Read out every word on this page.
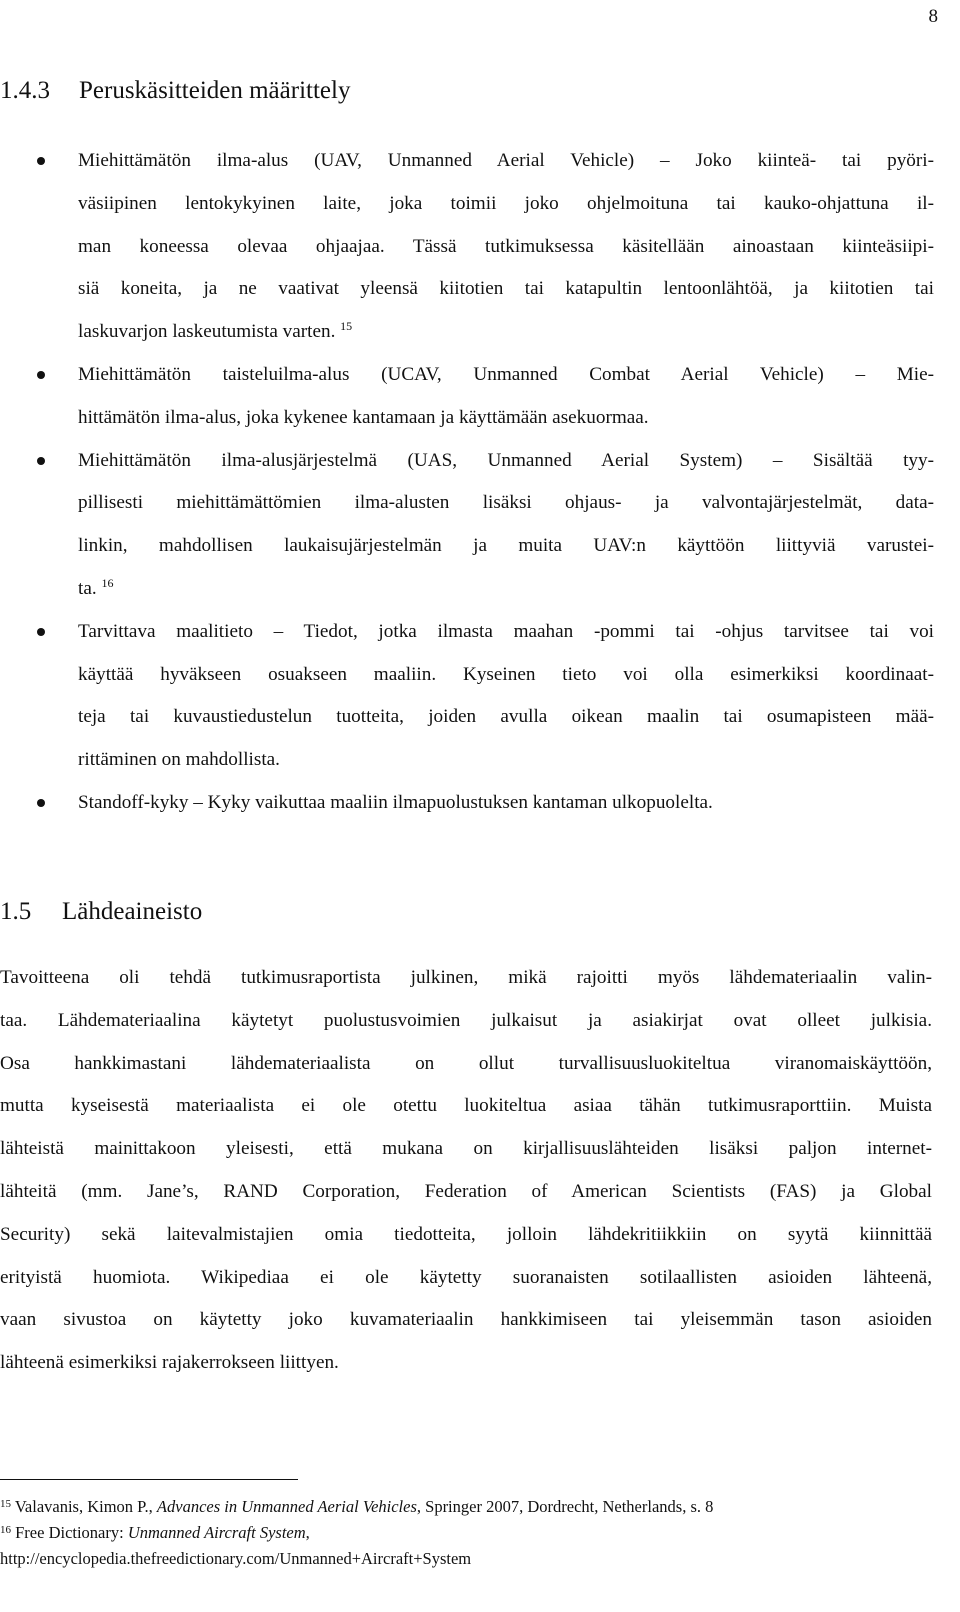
8
1.4.3 Peruskäsitteiden määrittely
Miehittämätön ilma-alus (UAV, Unmanned Aerial Vehicle) – Joko kiinteä- tai pyöri-
väsiipinen lentokykyinen laite, joka toimii joko ohjelmoituna tai kauko-ohjattuna il-
man koneessa olevaa ohjaajaa. Tässä tutkimuksessa käsitellään ainoastaan kiinteäsiipi-
siä koneita, ja ne vaativat yleensä kiitotien tai katapultin lentoonlähtöä, ja kiitotien tai
laskuvarjon laskeutumista varten. $^{15}$
Miehittämätön taisteluilma-alus (UCAV, Unmanned Combat Aerial Vehicle) – Mie-
hittämätön ilma-alus, joka kykenee kantamaan ja käyttämään asekuormaa.
Miehittämätön ilma-alusjärjestelmä (UAS, Unmanned Aerial System) – Sisältää tyy-
pillisesti miehittämättömien ilma-alusten lisäksi ohjaus- ja valvontajärjestelmät, data-
linkin, mahdollisen laukaisujärjestelmän ja muita UAV:n käyttöön liittyviä varustei-
ta. $^{16}$
Tarvittava maalitieto – Tiedot, jotka ilmasta maahan -pommi tai -ohjus tarvitsee tai voi
käyttää hyväkseen osuakseen maaliin. Kyseinen tieto voi olla esimerkiksi koordinaat-
teja tai kuvaustiedustelun tuotteita, joiden avulla oikean maalin tai osumapisteen mää-
rittäminen on mahdollista.
Standoff-kyky – Kyky vaikuttaa maaliin ilmapuolustuksen kantaman ulkopuolelta.
1.5 Lähdeaineisto
Tavoitteena oli tehdä tutkimusraportista julkinen, mikä rajoitti myös lähdemateriaalin valin-
taa. Lähdemateriaalina käytetyt puolustusvoimien julkaisut ja asiakirjat ovat olleet julkisia.
Osa hankkimastani lähdemateriaalista on ollut turvallisuusluokiteltua viranomaiskäyttöön,
mutta kyseisestä materiaalista ei ole otettu luokiteltua asiaa tähän tutkimusraporttiin. Muista
lähteistä mainittakoon yleisesti, että mukana on kirjallisuuslähteiden lisäksi paljon internet-
lähteitä (mm. Jane’s, RAND Corporation, Federation of American Scientists (FAS) ja Global
Security) sekä laitevalmistajien omia tiedotteita, jolloin lähdekritiikkiin on syytä kiinnittää
erityistä huomiota. Wikipediaa ei ole käytetty suoranaisten sotilaallisten asioiden lähteenä,
vaan sivustoa on käytetty joko kuvamateriaalin hankkimiseen tai yleisemmän tason asioiden
lähteenä esimerkiksi rajakerrokseen liittyen.
$^{15}$ Valavanis, Kimon P., Advances in Unmanned Aerial Vehicles, Springer 2007, Dordrecht, Netherlands, s. 8
$^{16}$ Free Dictionary: Unmanned Aircraft System,
http://encyclopedia.thefreedictionary.com/Unmanned+Aircraft+System
